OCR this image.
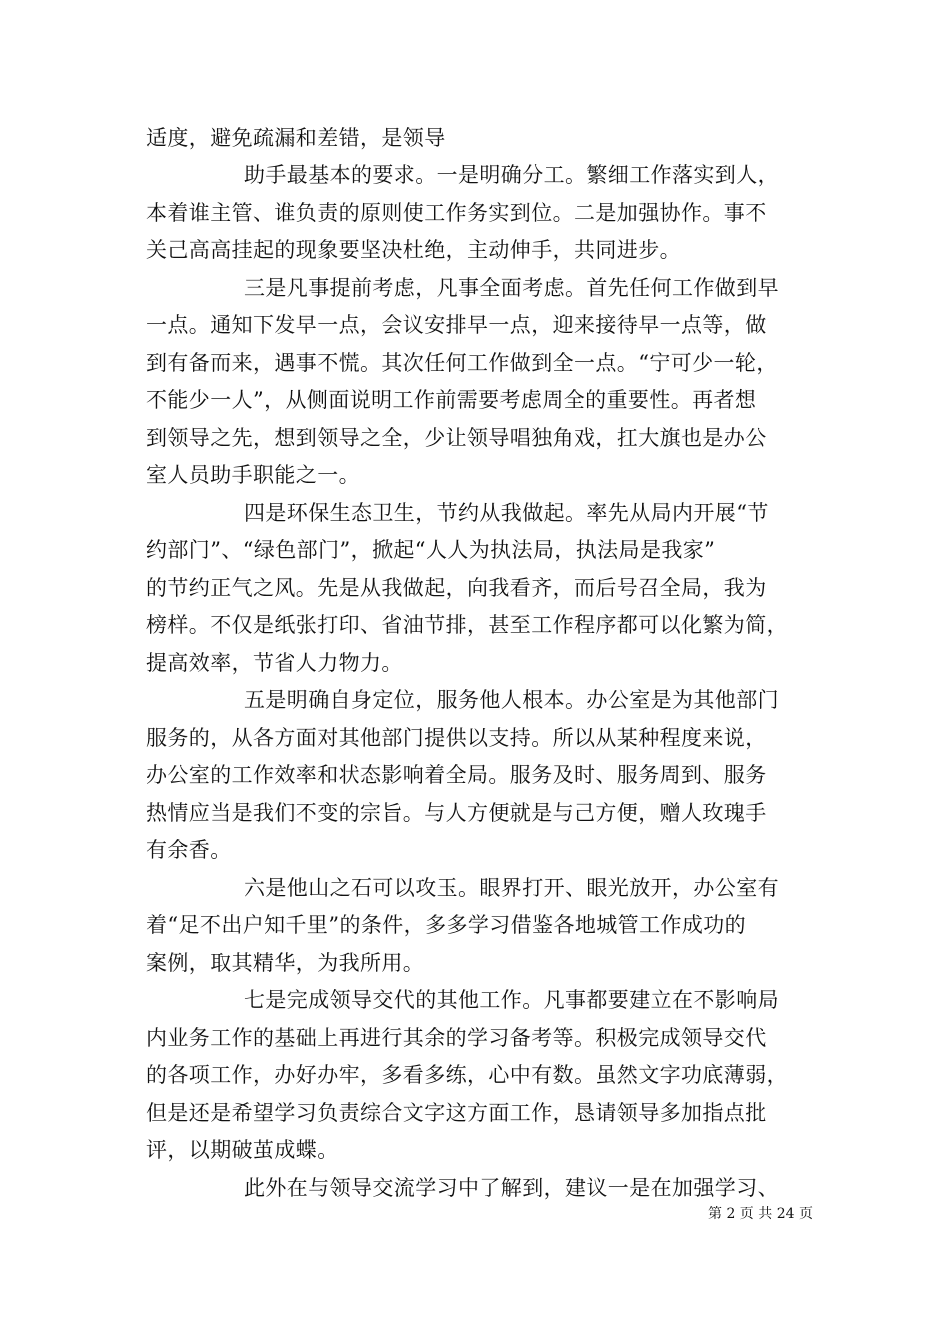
适度，避免疏漏和差错，是领导
助手最基本的要求。一是明确分工。繁细工作落实到人，
本着谁主管、谁负责的原则使工作务实到位。二是加强协作。事不
关己高高挂起的现象要坚决杜绝，主动伸手，共同进步。
三是凡事提前考虑，凡事全面考虑。首先任何工作做到早
一点。通知下发早一点，会议安排早一点，迎来接待早一点等，做
到有备而来，遇事不慌。其次任何工作做到全一点。“宁可少一轮，
不能少一人”，从侧面说明工作前需要考虑周全的重要性。再者想
到领导之先，想到领导之全，少让领导唱独角戏，扛大旗也是办公
室人员助手职能之一。
四是环保生态卫生，节约从我做起。率先从局内开展“节
约部门”、“绿色部门”，掀起“人人为执法局，执法局是我家”
的节约正气之风。先是从我做起，向我看齐，而后号召全局，我为
榜样。不仅是纸张打印、省油节排，甚至工作程序都可以化繁为简，
提高效率，节省人力物力。
五是明确自身定位，服务他人根本。办公室是为其他部门
服务的，从各方面对其他部门提供以支持。所以从某种程度来说，
办公室的工作效率和状态影响着全局。服务及时、服务周到、服务
热情应当是我们不变的宗旨。与人方便就是与己方便，赠人玫瑰手
有余香。
六是他山之石可以攻玉。眼界打开、眼光放开，办公室有
着“足不出户知千里”的条件，多多学习借鉴各地城管工作成功的
案例，取其精华，为我所用。
七是完成领导交代的其他工作。凡事都要建立在不影响局
内业务工作的基础上再进行其余的学习备考等。积极完成领导交代
的各项工作，办好办牢，多看多练，心中有数。虽然文字功底薄弱，
但是还是希望学习负责综合文字这方面工作，恳请领导多加指点批
评，以期破茧成蝶。
此外在与领导交流学习中了解到，建议一是在加强学习、
第 2 页 共 24 页
